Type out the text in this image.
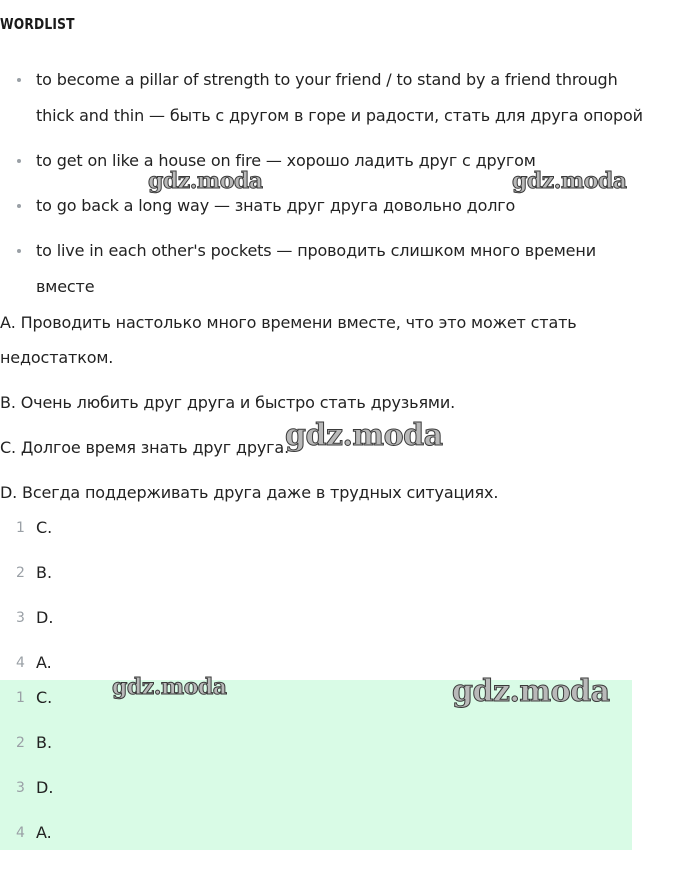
WORDLIST
to become a pillar of strength to your friend / to stand by a friend through
thick and thin — быть с другом в горе и радости, стать для друга опорой
to get on like a house on fire — хорошо ладить друг с другом
to go back a long way — знать друг друга довольно долго
to live in each other's pockets — проводить слишком много времени
вместе
А. Проводить настолько много времени вместе, что это может стать
недостатком.
B. Очень любить друг друга и быстро стать друзьями.
C. Долгое время знать друг друга.
D. Всегда поддерживать друга даже в трудных ситуациях.
1 C.
2 B.
3 D.
4 A.
1 C.
2 B.
3 D.
4 A.
gdz.moda	gdz.moda
gdz.moda
gdz.moda	gdz.moda
